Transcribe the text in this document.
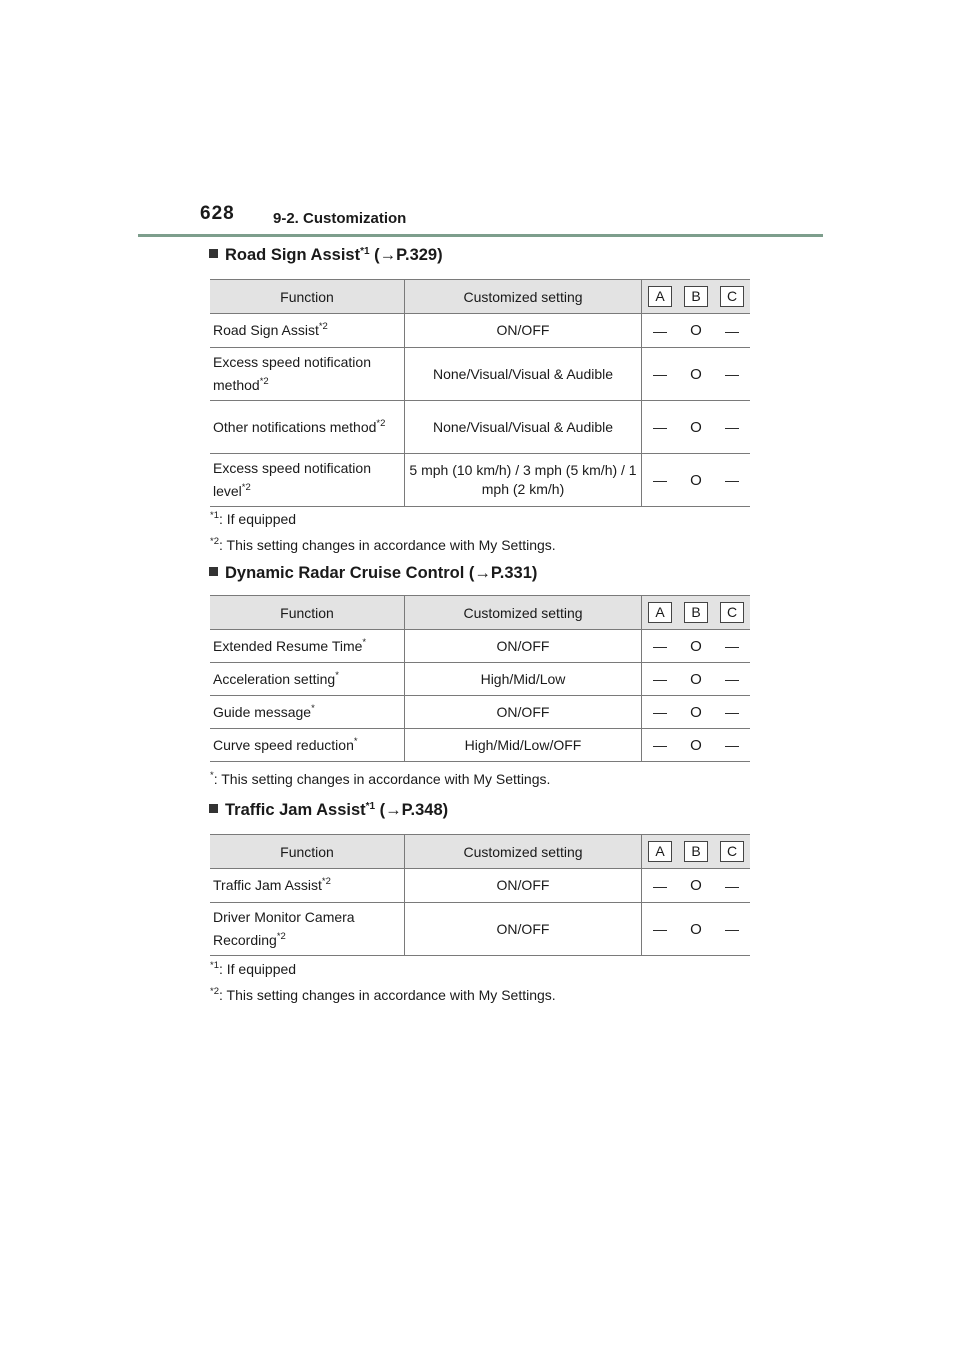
628	9-2. Customization
Road Sign Assist$^{*1}$ (→P.329)
Function	Customized setting	A	B	C
Road Sign Assist$^{*2}$	ON/OFF	—	O	—
Excess speed notification method$^{*2}$	None/Visual/Visual & Audible	—	O	—
Other notifications method$^{*2}$	None/Visual/Visual & Audible	—	O	—
Excess speed notification level$^{*2}$	5 mph (10 km/h) / 3 mph (5 km/h) / 1 mph (2 km/h)	—	O	—
$^{*1}$: If equipped
$^{*2}$: This setting changes in accordance with My Settings.
Dynamic Radar Cruise Control (→P.331)
Function	Customized setting	A	B	C
Extended Resume Time*	ON/OFF	—	O	—
Acceleration setting*	High/Mid/Low	—	O	—
Guide message*	ON/OFF	—	O	—
Curve speed reduction*	High/Mid/Low/OFF	—	O	—
*: This setting changes in accordance with My Settings.
Traffic Jam Assist$^{*1}$ (→P.348)
Function	Customized setting	A	B	C
Traffic Jam Assist$^{*2}$	ON/OFF	—	O	—
Driver Monitor Camera Recording$^{*2}$	ON/OFF	—	O	—
$^{*1}$: If equipped
$^{*2}$: This setting changes in accordance with My Settings.
